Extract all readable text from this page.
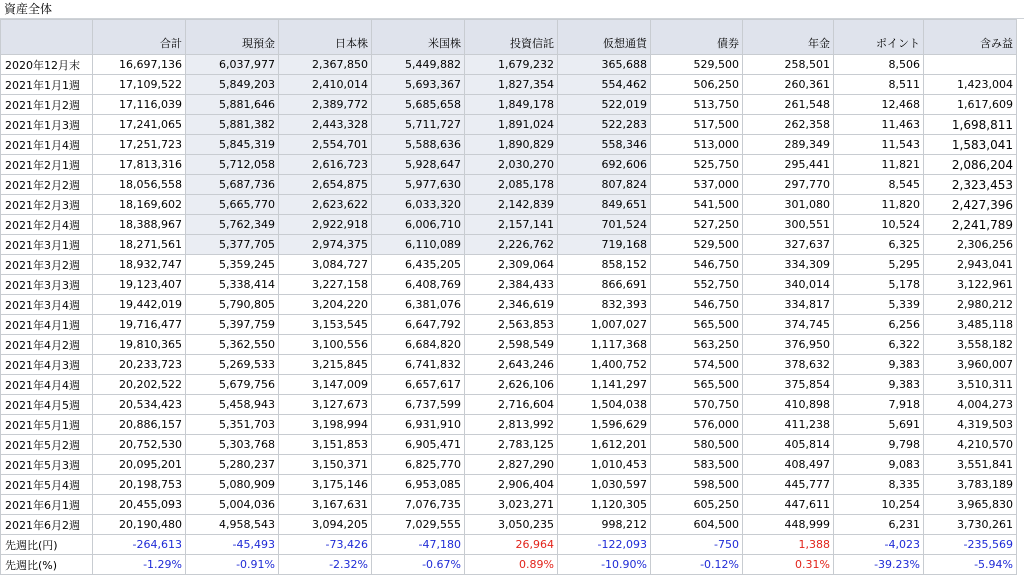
資産全体
	合計	現預金	日本株	米国株	投資信託	仮想通貨	債券	年金	ポイント	含み益
2020年12月末	16,697,136	6,037,977	2,367,850	5,449,882	1,679,232	365,688	529,500	258,501	8,506	
2021年1月1週	17,109,522	5,849,203	2,410,014	5,693,367	1,827,354	554,462	506,250	260,361	8,511	1,423,004
2021年1月2週	17,116,039	5,881,646	2,389,772	5,685,658	1,849,178	522,019	513,750	261,548	12,468	1,617,609
2021年1月3週	17,241,065	5,881,382	2,443,328	5,711,727	1,891,024	522,283	517,500	262,358	11,463	1,698,811
2021年1月4週	17,251,723	5,845,319	2,554,701	5,588,636	1,890,829	558,346	513,000	289,349	11,543	1,583,041
2021年2月1週	17,813,316	5,712,058	2,616,723	5,928,647	2,030,270	692,606	525,750	295,441	11,821	2,086,204
2021年2月2週	18,056,558	5,687,736	2,654,875	5,977,630	2,085,178	807,824	537,000	297,770	8,545	2,323,453
2021年2月3週	18,169,602	5,665,770	2,623,622	6,033,320	2,142,839	849,651	541,500	301,080	11,820	2,427,396
2021年2月4週	18,388,967	5,762,349	2,922,918	6,006,710	2,157,141	701,524	527,250	300,551	10,524	2,241,789
2021年3月1週	18,271,561	5,377,705	2,974,375	6,110,089	2,226,762	719,168	529,500	327,637	6,325	2,306,256
2021年3月2週	18,932,747	5,359,245	3,084,727	6,435,205	2,309,064	858,152	546,750	334,309	5,295	2,943,041
2021年3月3週	19,123,407	5,338,414	3,227,158	6,408,769	2,384,433	866,691	552,750	340,014	5,178	3,122,961
2021年3月4週	19,442,019	5,790,805	3,204,220	6,381,076	2,346,619	832,393	546,750	334,817	5,339	2,980,212
2021年4月1週	19,716,477	5,397,759	3,153,545	6,647,792	2,563,853	1,007,027	565,500	374,745	6,256	3,485,118
2021年4月2週	19,810,365	5,362,550	3,100,556	6,684,820	2,598,549	1,117,368	563,250	376,950	6,322	3,558,182
2021年4月3週	20,233,723	5,269,533	3,215,845	6,741,832	2,643,246	1,400,752	574,500	378,632	9,383	3,960,007
2021年4月4週	20,202,522	5,679,756	3,147,009	6,657,617	2,626,106	1,141,297	565,500	375,854	9,383	3,510,311
2021年4月5週	20,534,423	5,458,943	3,127,673	6,737,599	2,716,604	1,504,038	570,750	410,898	7,918	4,004,273
2021年5月1週	20,886,157	5,351,703	3,198,994	6,931,910	2,813,992	1,596,629	576,000	411,238	5,691	4,319,503
2021年5月2週	20,752,530	5,303,768	3,151,853	6,905,471	2,783,125	1,612,201	580,500	405,814	9,798	4,210,570
2021年5月3週	20,095,201	5,280,237	3,150,371	6,825,770	2,827,290	1,010,453	583,500	408,497	9,083	3,551,841
2021年5月4週	20,198,753	5,080,909	3,175,146	6,953,085	2,906,404	1,030,597	598,500	445,777	8,335	3,783,189
2021年6月1週	20,455,093	5,004,036	3,167,631	7,076,735	3,023,271	1,120,305	605,250	447,611	10,254	3,965,830
2021年6月2週	20,190,480	4,958,543	3,094,205	7,029,555	3,050,235	998,212	604,500	448,999	6,231	3,730,261
先週比(円)	-264,613	-45,493	-73,426	-47,180	26,964	-122,093	-750	1,388	-4,023	-235,569
先週比(%)	-1.29%	-0.91%	-2.32%	-0.67%	0.89%	-10.90%	-0.12%	0.31%	-39.23%	-5.94%
